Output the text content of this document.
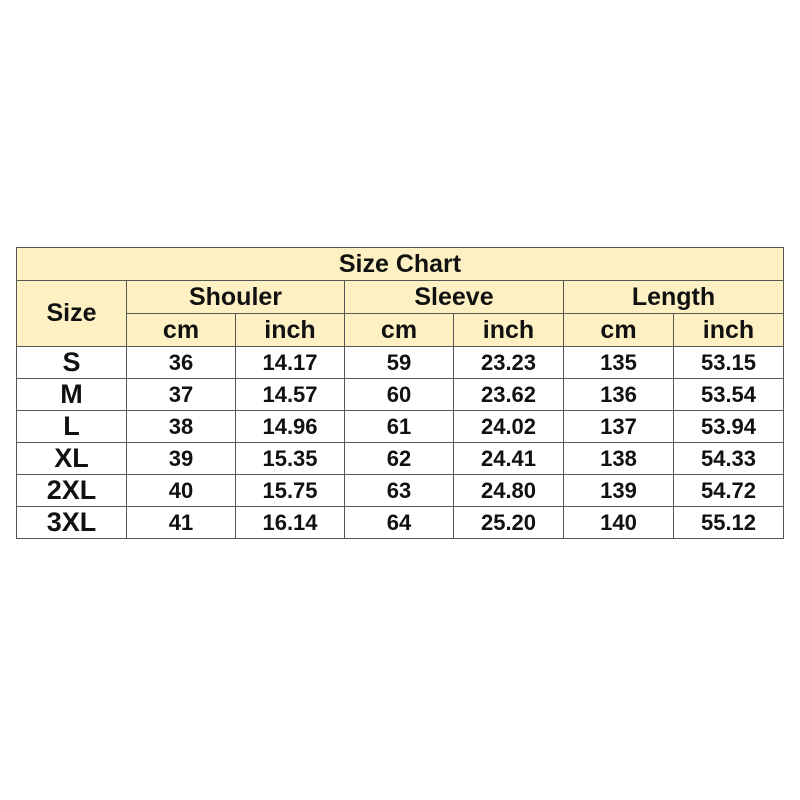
Size Chart						
Size	Shouler		Sleeve		Length	
	cm	inch	cm	inch	cm	inch
S	36	14.17	59	23.23	135	53.15
M	37	14.57	60	23.62	136	53.54
L	38	14.96	61	24.02	137	53.94
XL	39	15.35	62	24.41	138	54.33
2XL	40	15.75	63	24.80	139	54.72
3XL	41	16.14	64	25.20	140	55.12
